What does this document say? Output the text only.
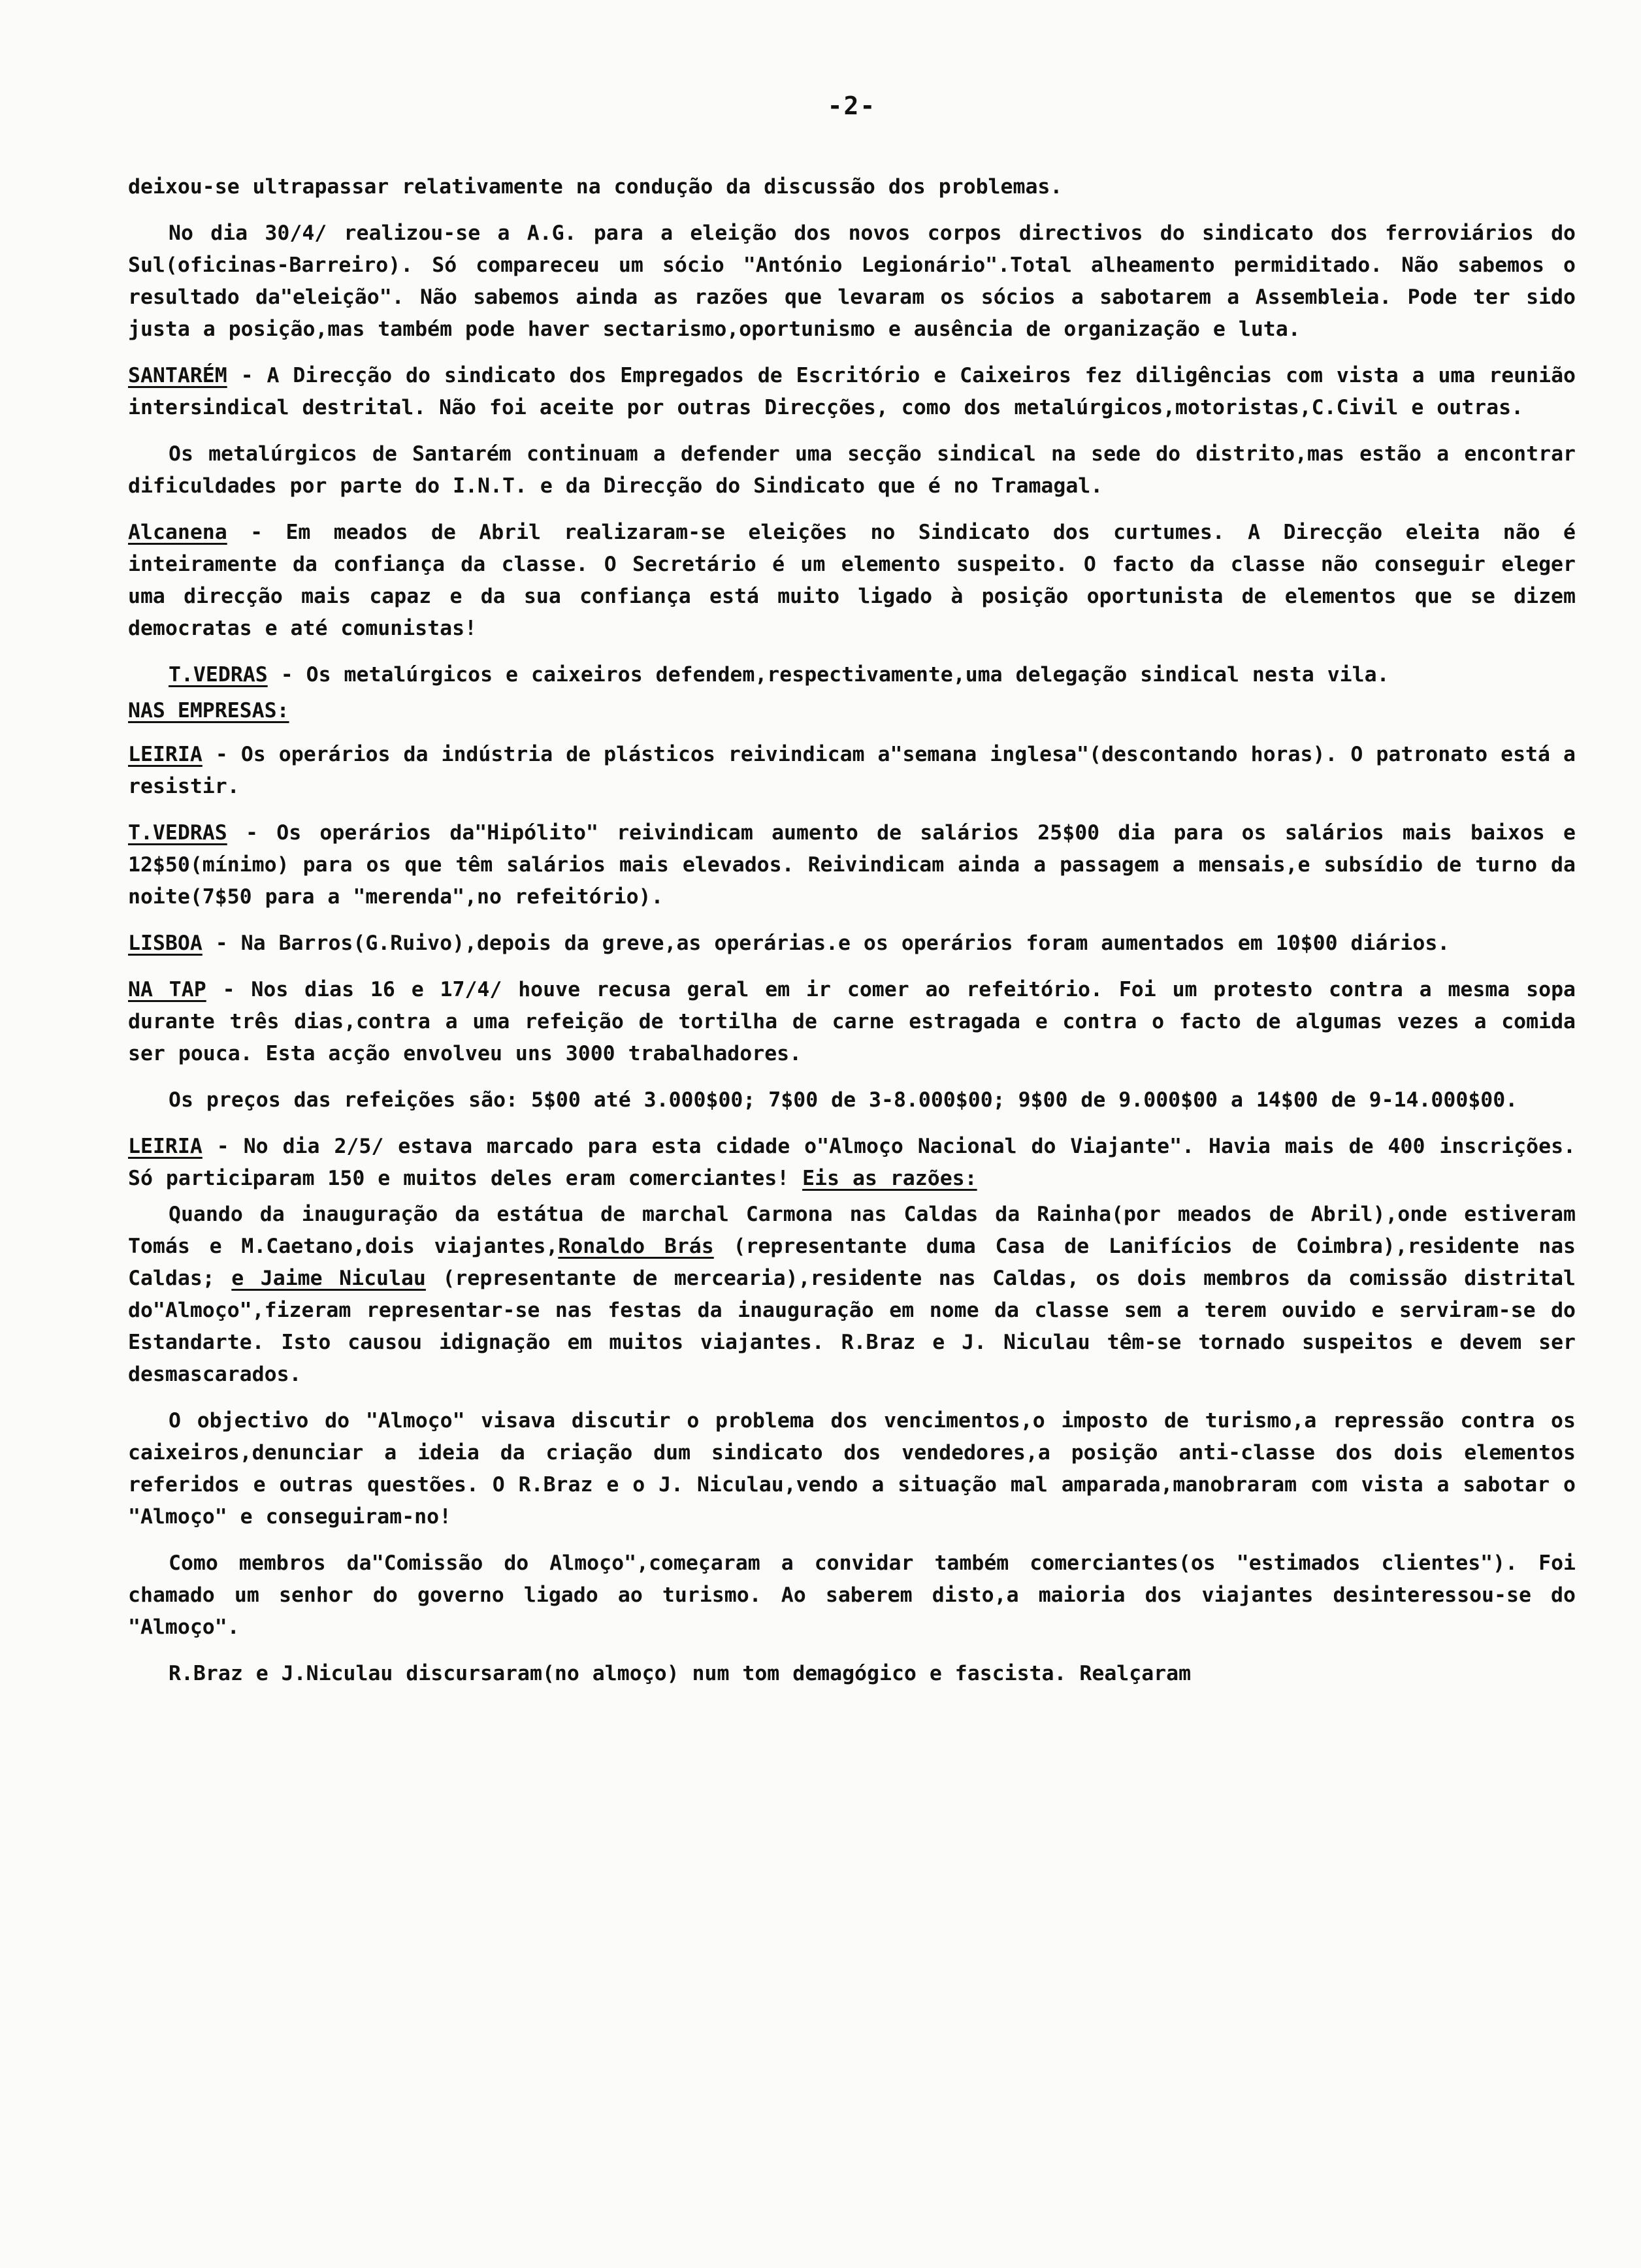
-2-

deixou-se ultrapassar relativamente na condução da discussão dos problemas.

No dia 30/4/ realizou-se a A.G. para a eleição dos novos corpos directivos do sindicato dos ferroviários do Sul(oficinas-Barreiro). Só compareceu um sócio "António Legionário".Total alheamento permiditado. Não sabemos o resultado da"eleição". Não sabemos ainda as razões que levaram os sócios a sabotarem a Assembleia. Pode ter sido justa a posição,mas também pode haver sectarismo,oportunismo e ausência de organização e luta.

SANTARÉM - A Direcção do sindicato dos Empregados de Escritório e Caixeiros fez diligências com vista a uma reunião intersindical destrital. Não foi aceite por outras Direcções, como dos metalúrgicos,motoristas,C.Civil e outras.

Os metalúrgicos de Santarém continuam a defender uma secção sindical na sede do distrito,mas estão a encontrar dificuldades por parte do I.N.T. e da Direcção do Sindicato que é no Tramagal.

Alcanena - Em meados de Abril realizaram-se eleições no Sindicato dos curtumes. A Direcção eleita não é inteiramente da confiança da classe. O Secretário é um elemento suspeito. O facto da classe não conseguir eleger uma direcção mais capaz e da sua confiança está muito ligado à posição oportunista de elementos que se dizem democratas e até comunistas!

T.VEDRAS - Os metalúrgicos e caixeiros defendem,respectivamente,uma delegação sindical nesta vila.

NAS EMPRESAS:

LEIRIA - Os operários da indústria de plásticos reivindicam a"semana inglesa"(descontando horas). O patronato está a resistir.

T.VEDRAS - Os operários da"Hipólito" reivindicam aumento de salários 25$00 dia para os salários mais baixos e 12$50(mínimo) para os que têm salários mais elevados. Reivindicam ainda a passagem a mensais,e subsídio de turno da noite(7$50 para a "merenda",no refeitório).

LISBOA - Na Barros(G.Ruivo),depois da greve,as operárias.e os operários foram aumentados em 10$00 diários.

NA TAP - Nos dias 16 e 17/4/ houve recusa geral em ir comer ao refeitório. Foi um protesto contra a mesma sopa durante três dias,contra a uma refeição de tortilha de carne estragada e contra o facto de algumas vezes a comida ser pouca. Esta acção envolveu uns 3000 trabalhadores.

Os preços das refeições são: 5$00 até 3.000$00; 7$00 de 3-8.000$00; 9$00 de 9.000$00 a 14$00 de 9-14.000$00.

LEIRIA - No dia 2/5/ estava marcado para esta cidade o"Almoço Nacional do Viajante". Havia mais de 400 inscrições. Só participaram 150 e muitos deles eram comerciantes! Eis as razões:

Quando da inauguração da estátua de marchal Carmona nas Caldas da Rainha(por meados de Abril),onde estiveram Tomás e M.Caetano,dois viajantes,Ronaldo Brás (representante duma Casa de Lanifícios de Coimbra),residente nas Caldas; e Jaime Niculau (representante de mercearia),residente nas Caldas, os dois membros da comissão distrital do"Almoço",fizeram representar-se nas festas da inauguração em nome da classe sem a terem ouvido e serviram-se do Estandarte. Isto causou idignação em muitos viajantes. R.Braz e J. Niculau têm-se tornado suspeitos e devem ser desmascarados.

O objectivo do "Almoço" visava discutir o problema dos vencimentos,o imposto de turismo,a repressão contra os caixeiros,denunciar a ideia da criação dum sindicato dos vendedores,a posição anti-classe dos dois elementos referidos e outras questões. O R.Braz e o J. Niculau,vendo a situação mal amparada,manobraram com vista a sabotar o "Almoço" e conseguiram-no!

Como membros da"Comissão do Almoço",começaram a convidar também comerciantes(os "estimados clientes"). Foi chamado um senhor do governo ligado ao turismo. Ao saberem disto,a maioria dos viajantes desinteressou-se do "Almoço".

R.Braz e J.Niculau discursaram(no almoço) num tom demagógico e fascista. Realçaram
